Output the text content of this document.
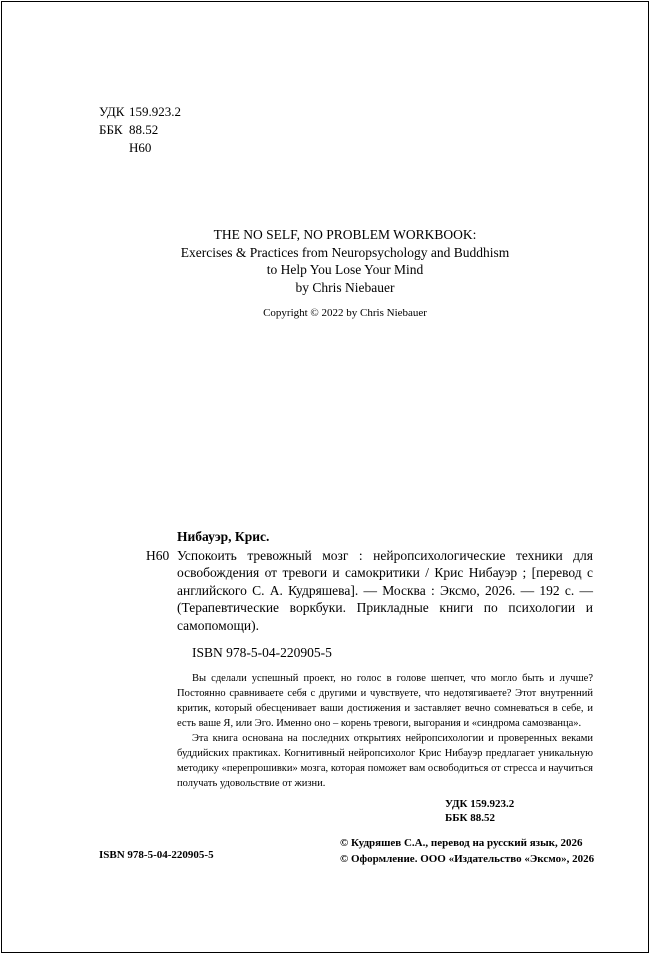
УДК 159.923.2
ББК 88.52
Н60
THE NO SELF, NO PROBLEM WORKBOOK:
Exercises & Practices from Neuropsychology and Buddhism
to Help You Lose Your Mind
by Chris Niebauer
Copyright © 2022 by Chris Niebauer
Нибауэр, Крис.
Н60 Успокоить тревожный мозг : нейропсихологические техники для освобождения от тревоги и самокритики / Крис Нибауэр ; [перевод с английского С. А. Кудряшева]. — Москва : Эксмо, 2026. — 192 с. — (Терапевтические воркбуки. Прикладные книги по психологии и самопомощи).
ISBN 978-5-04-220905-5

Вы сделали успешный проект, но голос в голове шепчет, что могло быть и лучше? Постоянно сравниваете себя с другими и чувствуете, что недотягиваете? Этот внутренний критик, который обесценивает ваши достижения и заставляет вечно сомневаться в себе, и есть ваше Я, или Эго. Именно оно – корень тревоги, выгорания и «синдрома самозванца».

Эта книга основана на последних открытиях нейропсихологии и проверенных веками буддийских практиках. Когнитивный нейропсихолог Крис Нибауэр предлагает уникальную методику «перепрошивки» мозга, которая поможет вам освободиться от стресса и научиться получать удовольствие от жизни.

УДК 159.923.2
ББК 88.52
ISBN 978-5-04-220905-5
© Кудряшев С.А., перевод на русский язык, 2026
© Оформление. ООО «Издательство «Эксмо», 2026
